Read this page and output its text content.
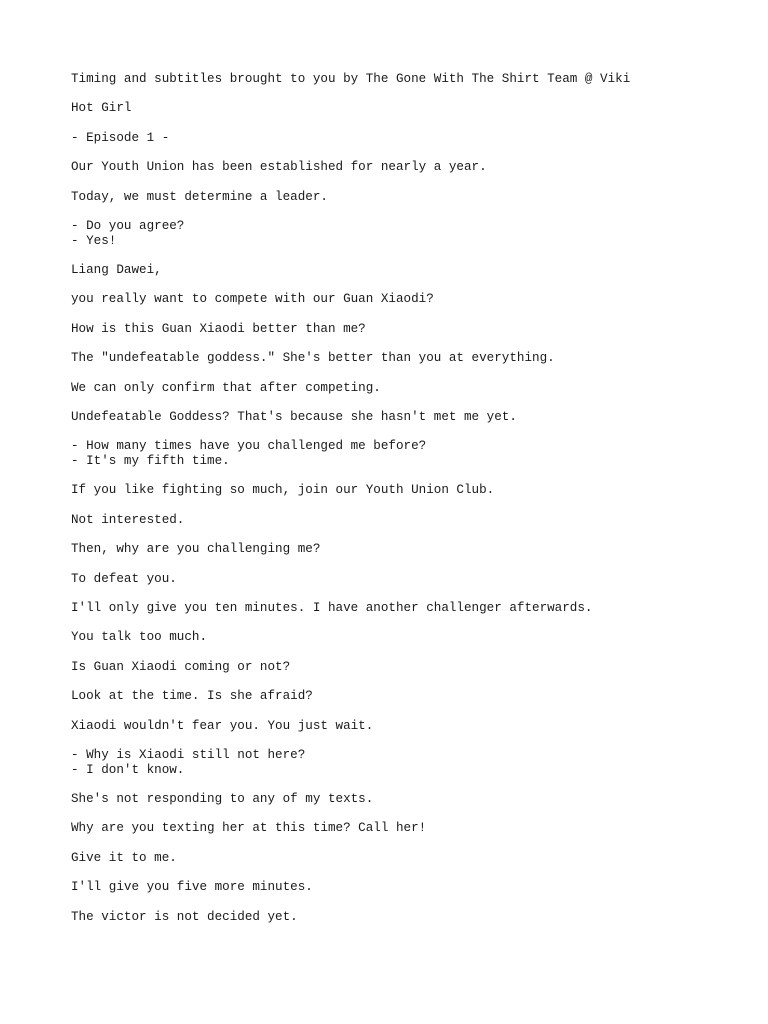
Timing and subtitles brought to you by The Gone With The Shirt Team @ Viki
Hot Girl
- Episode 1 -
Our Youth Union has been established for nearly a year.
Today, we must determine a leader.
- Do you agree?
- Yes!
Liang Dawei,
you really want to compete with our Guan Xiaodi?
How is this Guan Xiaodi better than me?
The "undefeatable goddess." She's better than you at everything.
We can only confirm that after competing.
Undefeatable Goddess? That's because she hasn't met me yet.
- How many times have you challenged me before?
- It's my fifth time.
If you like fighting so much, join our Youth Union Club.
Not interested.
Then, why are you challenging me?
To defeat you.
I'll only give you ten minutes. I have another challenger afterwards.
You talk too much.
Is Guan Xiaodi coming or not?
Look at the time. Is she afraid?
Xiaodi wouldn't fear you. You just wait.
- Why is Xiaodi still not here?
- I don't know.
She's not responding to any of my texts.
Why are you texting her at this time? Call her!
Give it to me.
I'll give you five more minutes.
The victor is not decided yet.
